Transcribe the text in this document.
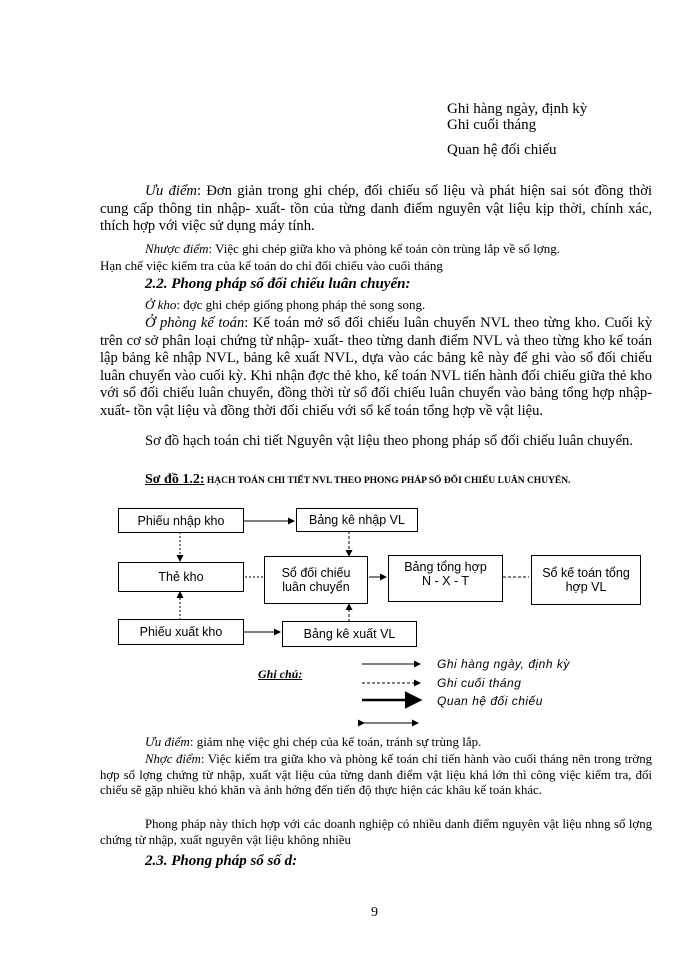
Ghi hàng ngày, định kỳ
Ghi cuối tháng
Quan hệ đối chiếu
Ưu điểm: Đơn giản trong ghi chép, đối chiếu số liệu và phát hiện sai sót đồng thời cung cấp thông tin nhập- xuất- tồn của từng danh điểm nguyên vật liệu kịp thời, chính xác, thích hợp với việc sử dụng máy tính.
Nhược điểm: Việc ghi chép giữa kho và phòng kế toán còn trùng lắp về số lợng.
Hạn chế việc kiểm tra của kế toán do chỉ đối chiếu vào cuối tháng
2.2. Phong pháp sổ đối chiếu luân chuyển:
Ở kho: đợc ghi chép giống phong pháp thẻ song song.
Ở phòng kế toán: Kế toán mở sổ đối chiếu luân chuyển NVL theo từng kho. Cuối kỳ trên cơ sở phân loại chứng từ nhập- xuất- theo từng danh điểm NVL và theo từng kho kế toán lập bảng kê nhập NVL, bảng kê xuất NVL, dựa vào các bảng kê này để ghi vào sổ đối chiếu luân chuyển vào cuối kỳ. Khi nhận đợc thẻ kho, kế toán NVL tiến hành đối chiếu giữa thẻ kho với sổ đối chiếu luân chuyển, đồng thời từ sổ đối chiếu luân chuyển vào bảng tổng hợp nhập- xuất- tồn vật liệu và đồng thời đối chiếu với sổ kế toán tổng hợp về vật liệu.
Sơ đồ hạch toán chi tiết Nguyên vật liệu theo phong pháp sổ đối chiếu luân chuyển.
Sơ đồ 1.2: HẠCH TOÁN CHI TIẾT NVL THEO PHONG PHÁP SỔ ĐỐI CHIẾU LUÂN CHUYỂN.
Phiếu nhập kho	Bảng kê nhập VL
Thẻ kho	Sổ đối chiếu
luân chuyển
Bảng tổng hợp
N - X - T
Sổ kế toán tổng
hợp VL
Phiếu xuất kho	Bảng kê xuất VL
Ghi chú:
Ghi hàng ngày, định kỳ
Ghi cuối tháng
Quan hệ đối chiếu
Ưu điểm: giảm nhẹ việc ghi chép của kế toán, tránh sự trùng lắp.
Nhợc điểm: Việc kiểm tra giữa kho và phòng kế toán chỉ tiến hành vào cuối tháng nên trong trờng hợp số lợng chứng từ nhập, xuất vật liệu của từng danh điểm vật liệu khá lớn thì công việc kiểm tra, đối chiếu sẽ gặp nhiều khó khăn và ảnh hởng đến tiến độ thực hiện các khâu kế toán khác.
Phong pháp này thích hợp với các doanh nghiệp có nhiều danh điểm nguyên vật liệu nhng số lợng chứng từ nhập, xuất nguyên vật liệu không nhiều
2.3. Phong pháp sổ số d:
9
